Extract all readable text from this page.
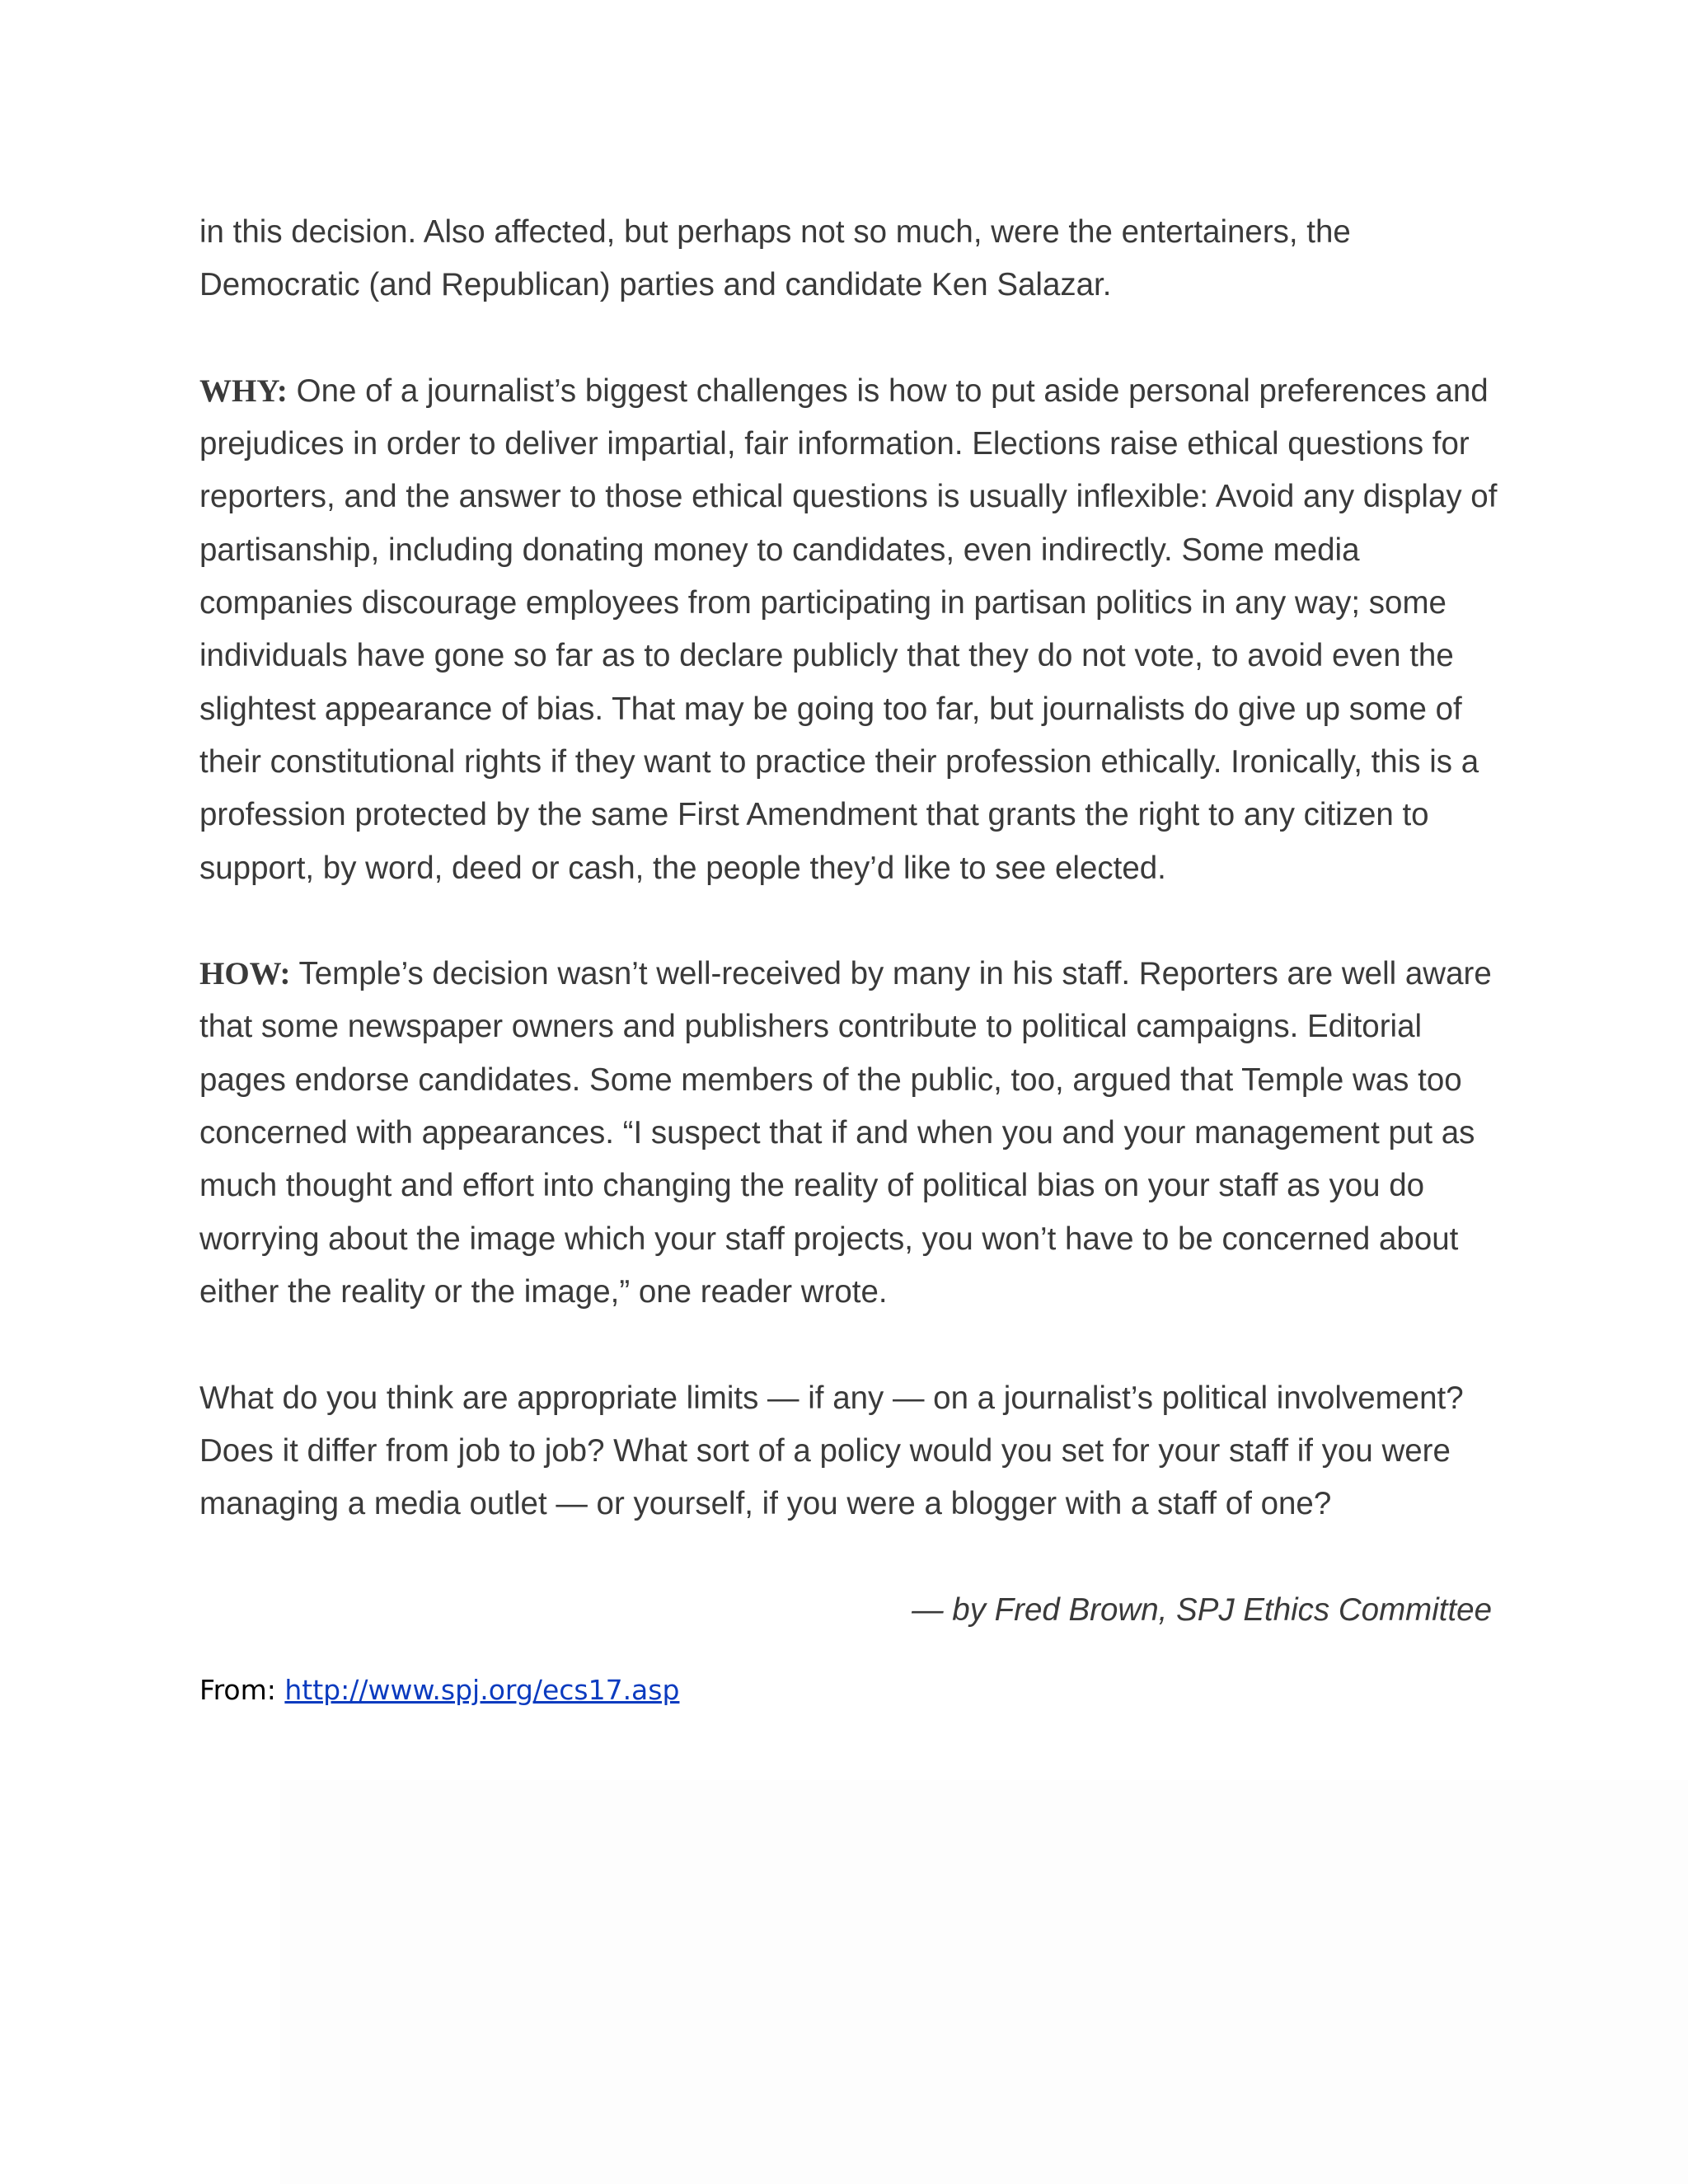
in this decision. Also affected, but perhaps not so much, were the entertainers, the Democratic (and Republican) parties and candidate Ken Salazar.

WHY: One of a journalist’s biggest challenges is how to put aside personal preferences and prejudices in order to deliver impartial, fair information. Elections raise ethical questions for reporters, and the answer to those ethical questions is usually inflexible: Avoid any display of partisanship, including donating money to candidates, even indirectly. Some media companies discourage employees from participating in partisan politics in any way; some individuals have gone so far as to declare publicly that they do not vote, to avoid even the slightest appearance of bias. That may be going too far, but journalists do give up some of their constitutional rights if they want to practice their profession ethically. Ironically, this is a profession protected by the same First Amendment that grants the right to any citizen to support, by word, deed or cash, the people they’d like to see elected.

HOW: Temple’s decision wasn’t well-received by many in his staff. Reporters are well aware that some newspaper owners and publishers contribute to political campaigns. Editorial pages endorse candidates. Some members of the public, too, argued that Temple was too concerned with appearances. “I suspect that if and when you and your management put as much thought and effort into changing the reality of political bias on your staff as you do worrying about the image which your staff projects, you won’t have to be concerned about either the reality or the image,” one reader wrote.

What do you think are appropriate limits — if any — on a journalist’s political involvement? Does it differ from job to job? What sort of a policy would you set for your staff if you were managing a media outlet — or yourself, if you were a blogger with a staff of one?

— by Fred Brown, SPJ Ethics Committee

From: http://www.spj.org/ecs17.asp
